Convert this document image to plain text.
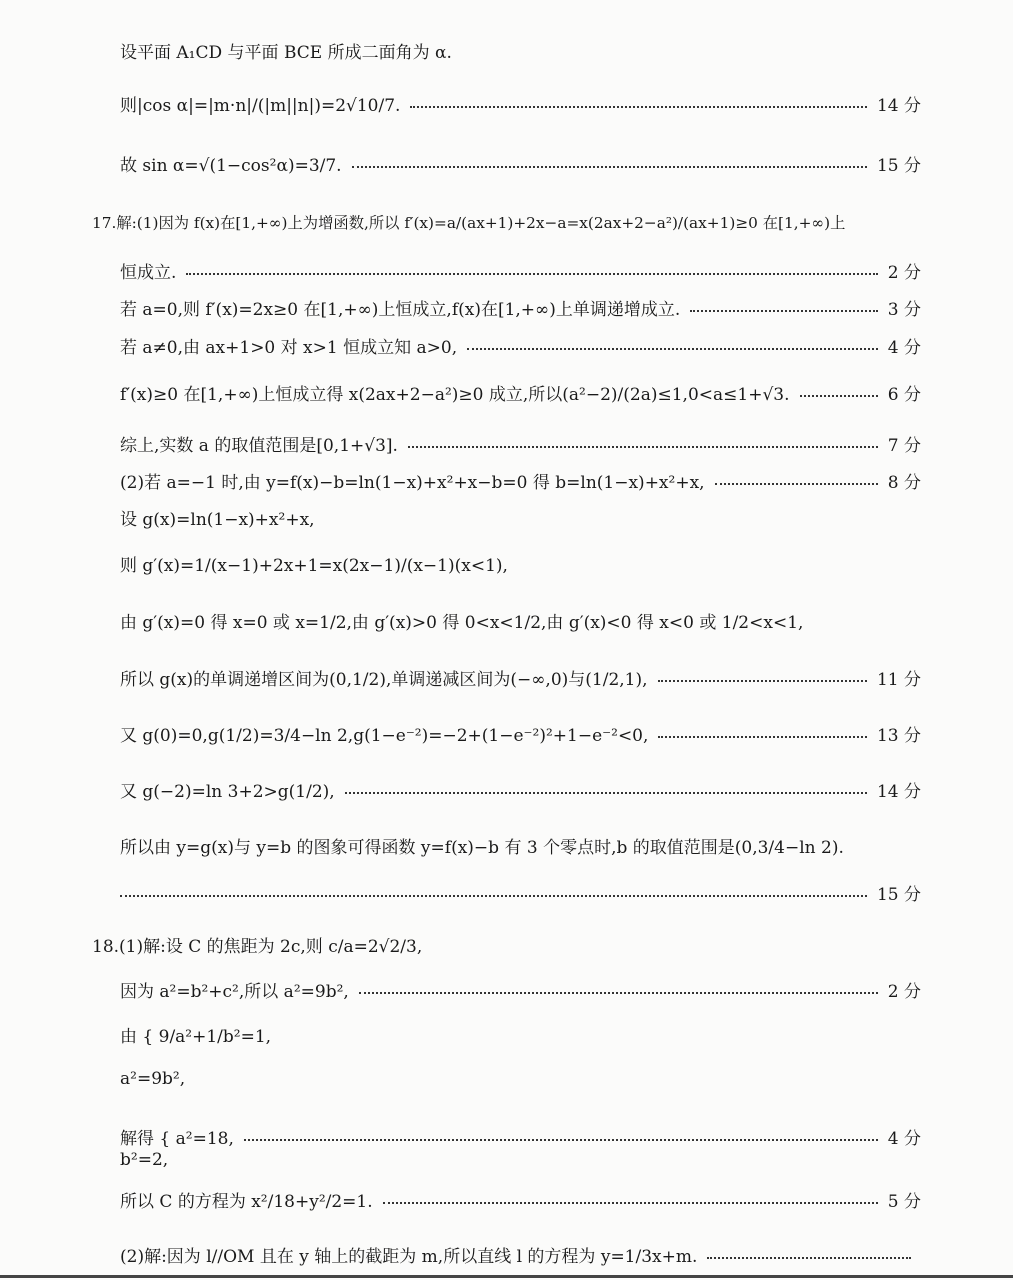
设平面 A₁CD 与平面 BCE 所成二面角为 α.
则|cos α|=|m·n|/(|m||n|)=2√10/7.	14 分
故 sin α=√(1−cos²α)=3/7.	15 分
17.解:(1)因为 f(x)在[1,+∞)上为增函数,所以 f′(x)=a/(ax+1)+2x−a=x(2ax+2−a²)/(ax+1)≥0 在[1,+∞)上
恒成立.	2 分
若 a=0,则 f′(x)=2x≥0 在[1,+∞)上恒成立,f(x)在[1,+∞)上单调递增成立.	3 分
若 a≠0,由 ax+1>0 对 x>1 恒成立知 a>0,	4 分
f′(x)≥0 在[1,+∞)上恒成立得 x(2ax+2−a²)≥0 成立,所以(a²−2)/(2a)≤1,0<a≤1+√3.	6 分
综上,实数 a 的取值范围是[0,1+√3].	7 分
(2)若 a=−1 时,由 y=f(x)−b=ln(1−x)+x²+x−b=0 得 b=ln(1−x)+x²+x,	8 分
设 g(x)=ln(1−x)+x²+x,
则 g′(x)=1/(x−1)+2x+1=x(2x−1)/(x−1)(x<1),
由 g′(x)=0 得 x=0 或 x=1/2,由 g′(x)>0 得 0<x<1/2,由 g′(x)<0 得 x<0 或 1/2<x<1,
所以 g(x)的单调递增区间为(0,1/2),单调递减区间为(−∞,0)与(1/2,1),	11 分
又 g(0)=0,g(1/2)=3/4−ln 2,g(1−e⁻²)=−2+(1−e⁻²)²+1−e⁻²<0,	13 分
又 g(−2)=ln 3+2>g(1/2),	14 分
所以由 y=g(x)与 y=b 的图象可得函数 y=f(x)−b 有 3 个零点时,b 的取值范围是(0,3/4−ln 2).
15 分
18.(1)解:设 C 的焦距为 2c,则 c/a=2√2/3,
因为 a²=b²+c²,所以 a²=9b²,	2 分
由 { 9/a²+1/b²=1,
a²=9b²,
解得 { a²=18,	4 分
b²=2,
所以 C 的方程为 x²/18+y²/2=1.	5 分
(2)解:因为 l//OM 且在 y 轴上的截距为 m,所以直线 l 的方程为 y=1/3x+m.
